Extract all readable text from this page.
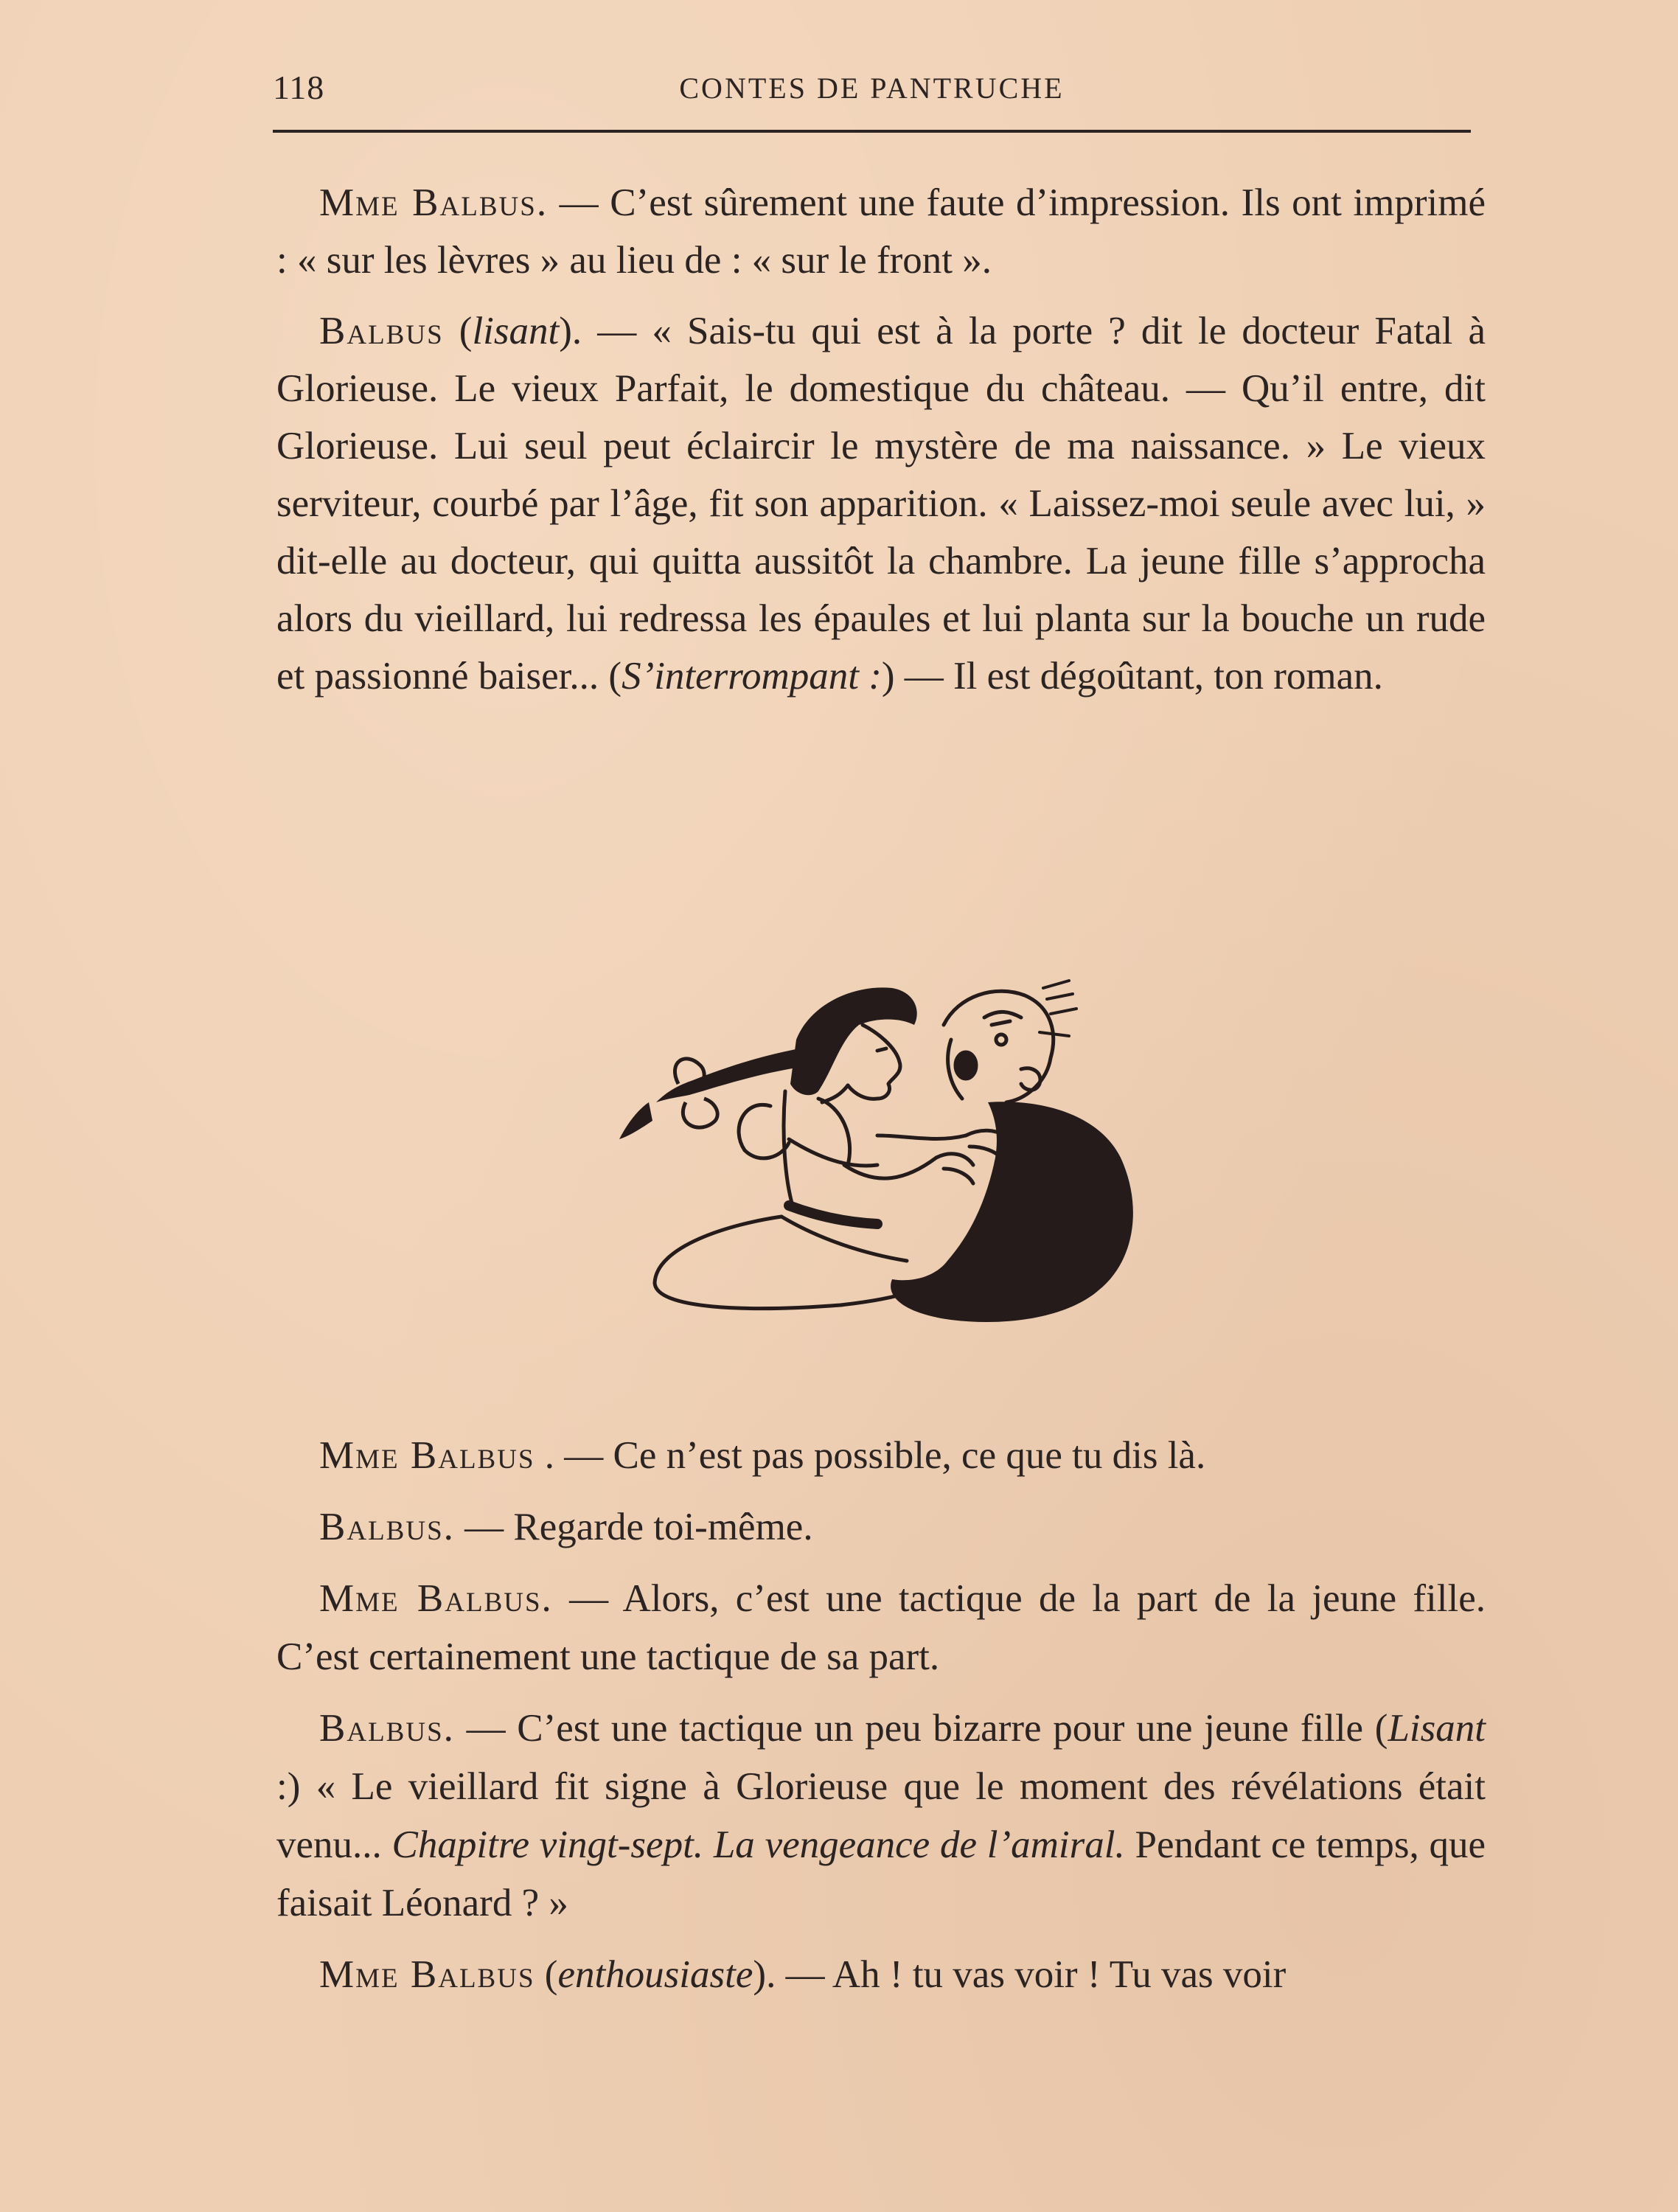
118	CONTES DE PANTRUCHE

Mme Balbus. — C’est sûrement une faute d’impression. Ils ont imprimé : « sur les lèvres » au lieu de : « sur le front ».

Balbus (lisant). — « Sais-tu qui est à la porte ? dit le docteur Fatal à Glorieuse. Le vieux Parfait, le domestique du château. — Qu’il entre, dit Glorieuse. Lui seul peut éclaircir le mystère de ma naissance. » Le vieux serviteur, courbé par l’âge, fit son apparition. « Laissez-moi seule avec lui, » dit-elle au docteur, qui quitta aussitôt la chambre. La jeune fille s’approcha alors du vieillard, lui redressa les épaules et lui planta sur la bouche un rude et passionné baiser... (S’interrompant :) — Il est dégoûtant, ton roman.

Mme Balbus . — Ce n’est pas possible, ce que tu dis là.

Balbus. — Regarde toi-même.

Mme Balbus. — Alors, c’est une tactique de la part de la jeune fille. C’est certainement une tactique de sa part.

Balbus. — C’est une tactique un peu bizarre pour une jeune fille (Lisant :) « Le vieillard fit signe à Glorieuse que le moment des révélations était venu... Chapitre vingt-sept. La vengeance de l’amiral. Pendant ce temps, que faisait Léonard ? »

Mme Balbus (enthousiaste). — Ah ! tu vas voir ! Tu vas voir
